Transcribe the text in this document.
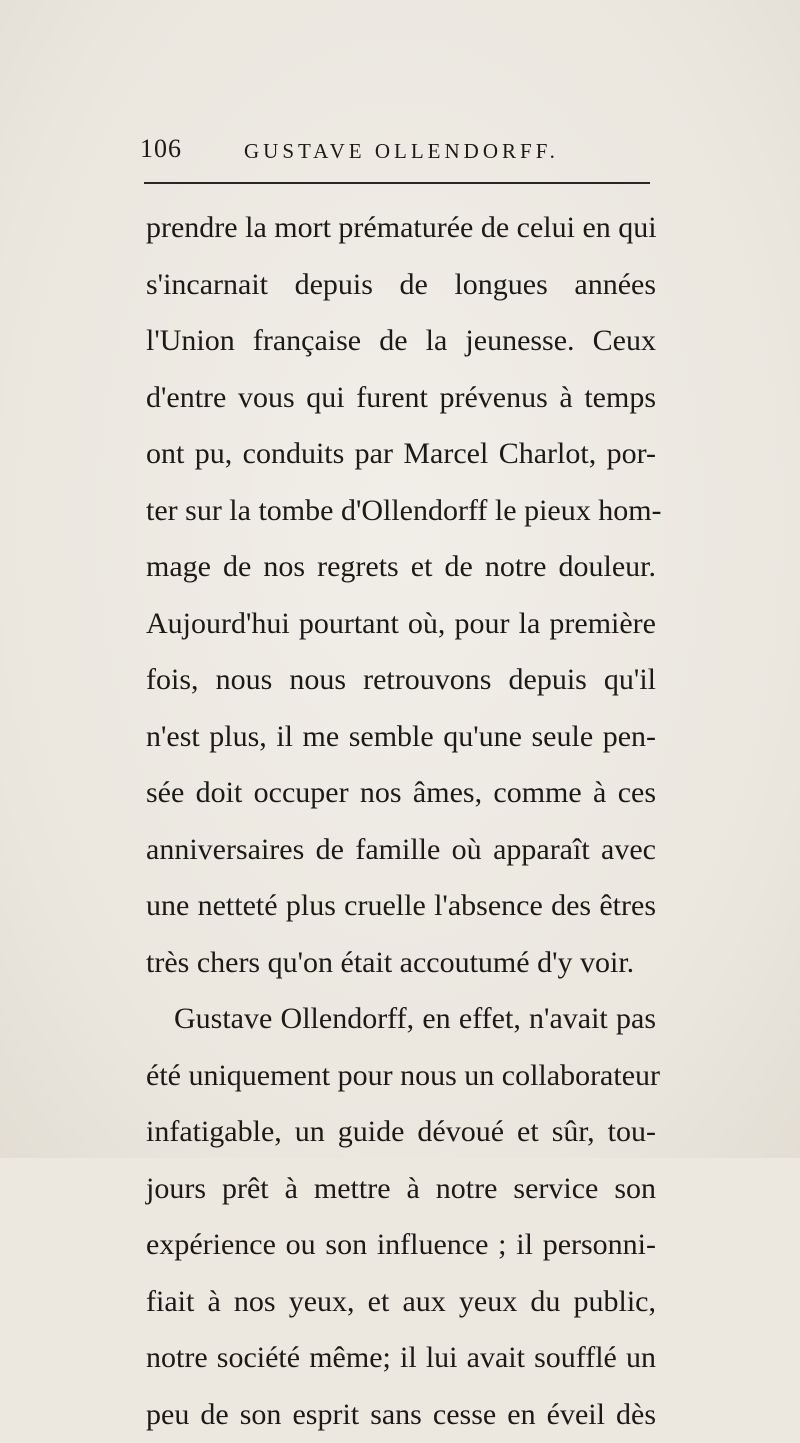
106	GUSTAVE OLLENDORFF.
prendre la mort prématurée de celui en qui
s'incarnait depuis de longues années
l'Union française de la jeunesse. Ceux
d'entre vous qui furent prévenus à temps
ont pu, conduits par Marcel Charlot, por-
ter sur la tombe d'Ollendorff le pieux hom-
mage de nos regrets et de notre douleur.
Aujourd'hui pourtant où, pour la première
fois, nous nous retrouvons depuis qu'il
n'est plus, il me semble qu'une seule pen-
sée doit occuper nos âmes, comme à ces
anniversaires de famille où apparaît avec
une netteté plus cruelle l'absence des êtres
très chers qu'on était accoutumé d'y voir.
Gustave Ollendorff, en effet, n'avait pas
été uniquement pour nous un collaborateur
infatigable, un guide dévoué et sûr, tou-
jours prêt à mettre à notre service son
expérience ou son influence ; il personni-
fiait à nos yeux, et aux yeux du public,
notre société même; il lui avait soufflé un
peu de son esprit sans cesse en éveil dès
